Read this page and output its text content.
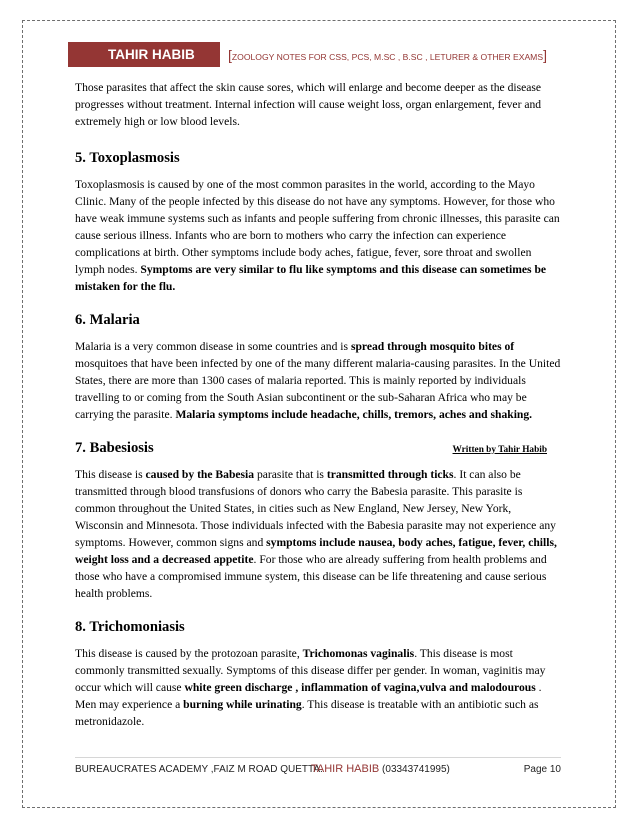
TAHIR HABIB	[ZOOLOGY NOTES FOR CSS, PCS, M.SC , B.SC , LETURER & OTHER EXAMS]

Those parasites that affect the skin cause sores, which will enlarge and become deeper as the disease progresses without treatment. Internal infection will cause weight loss, organ enlargement, fever and extremely high or low blood levels.

5. Toxoplasmosis

Toxoplasmosis is caused by one of the most common parasites in the world, according to the Mayo Clinic. Many of the people infected by this disease do not have any symptoms. However, for those who have weak immune systems such as infants and people suffering from chronic illnesses, this parasite can cause serious illness. Infants who are born to mothers who carry the infection can experience complications at birth. Other symptoms include body aches, fatigue, fever, sore throat and swollen lymph nodes. Symptoms are very similar to flu like symptoms and this disease can sometimes be mistaken for the flu.

6. Malaria

Malaria is a very common disease in some countries and is spread through mosquito bites of mosquitoes that have been infected by one of the many different malaria-causing parasites. In the United States, there are more than 1300 cases of malaria reported. This is mainly reported by individuals travelling to or coming from the South Asian subcontinent or the sub-Saharan Africa who may be carrying the parasite. Malaria symptoms include headache, chills, tremors, aches and shaking.

7. Babesiosis	Written by Tahir Habib

This disease is caused by the Babesia parasite that is transmitted through ticks. It can also be transmitted through blood transfusions of donors who carry the Babesia parasite. This parasite is common throughout the United States, in cities such as New England, New Jersey, New York, Wisconsin and Minnesota. Those individuals infected with the Babesia parasite may not experience any symptoms. However, common signs and symptoms include nausea, body aches, fatigue, fever, chills, weight loss and a decreased appetite. For those who are already suffering from health problems and those who have a compromised immune system, this disease can be life threatening and cause serious health problems.

8. Trichomoniasis

This disease is caused by the protozoan parasite, Trichomonas vaginalis. This disease is most commonly transmitted sexually. Symptoms of this disease differ per gender. In woman, vaginitis may occur which will cause white green discharge , inflammation of vagina,vulva and malodourous . Men may experience a burning while urinating. This disease is treatable with an antibiotic such as metronidazole.

BUREAUCRATES ACADEMY ,FAIZ M ROAD QUETTA.
TAHIR HABIB (03343741995)	Page 10
